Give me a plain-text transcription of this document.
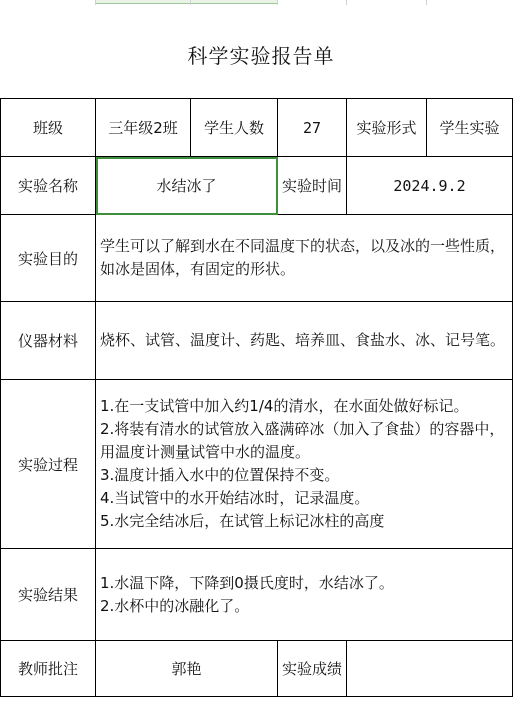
科学实验报告单
班级	三年级2班	学生人数	27	实验形式	学生实验
实验名称	水结冰了		实验时间	2024.9.2	
实验目的	学生可以了解到水在不同温度下的状态，以及冰的一些性质，如冰是固体，有固定的形状。				
仪器材料	烧杯、试管、温度计、药匙、培养皿、食盐水、冰、记号笔。				
实验过程	1.在一支试管中加入约1/4的清水，在水面处做好标记。
2.将装有清水的试管放入盛满碎冰（加入了食盐）的容器中，用温度计测量试管中水的温度。
3.温度计插入水中的位置保持不变。
4.当试管中的水开始结冰时，记录温度。
5.水完全结冰后，在试管上标记冰柱的高度				

实验结果	1.水温下降，下降到0摄氏度时，水结冰了。
2.水杯中的冰融化了。				

教师批注	郭艳		实验成绩		
